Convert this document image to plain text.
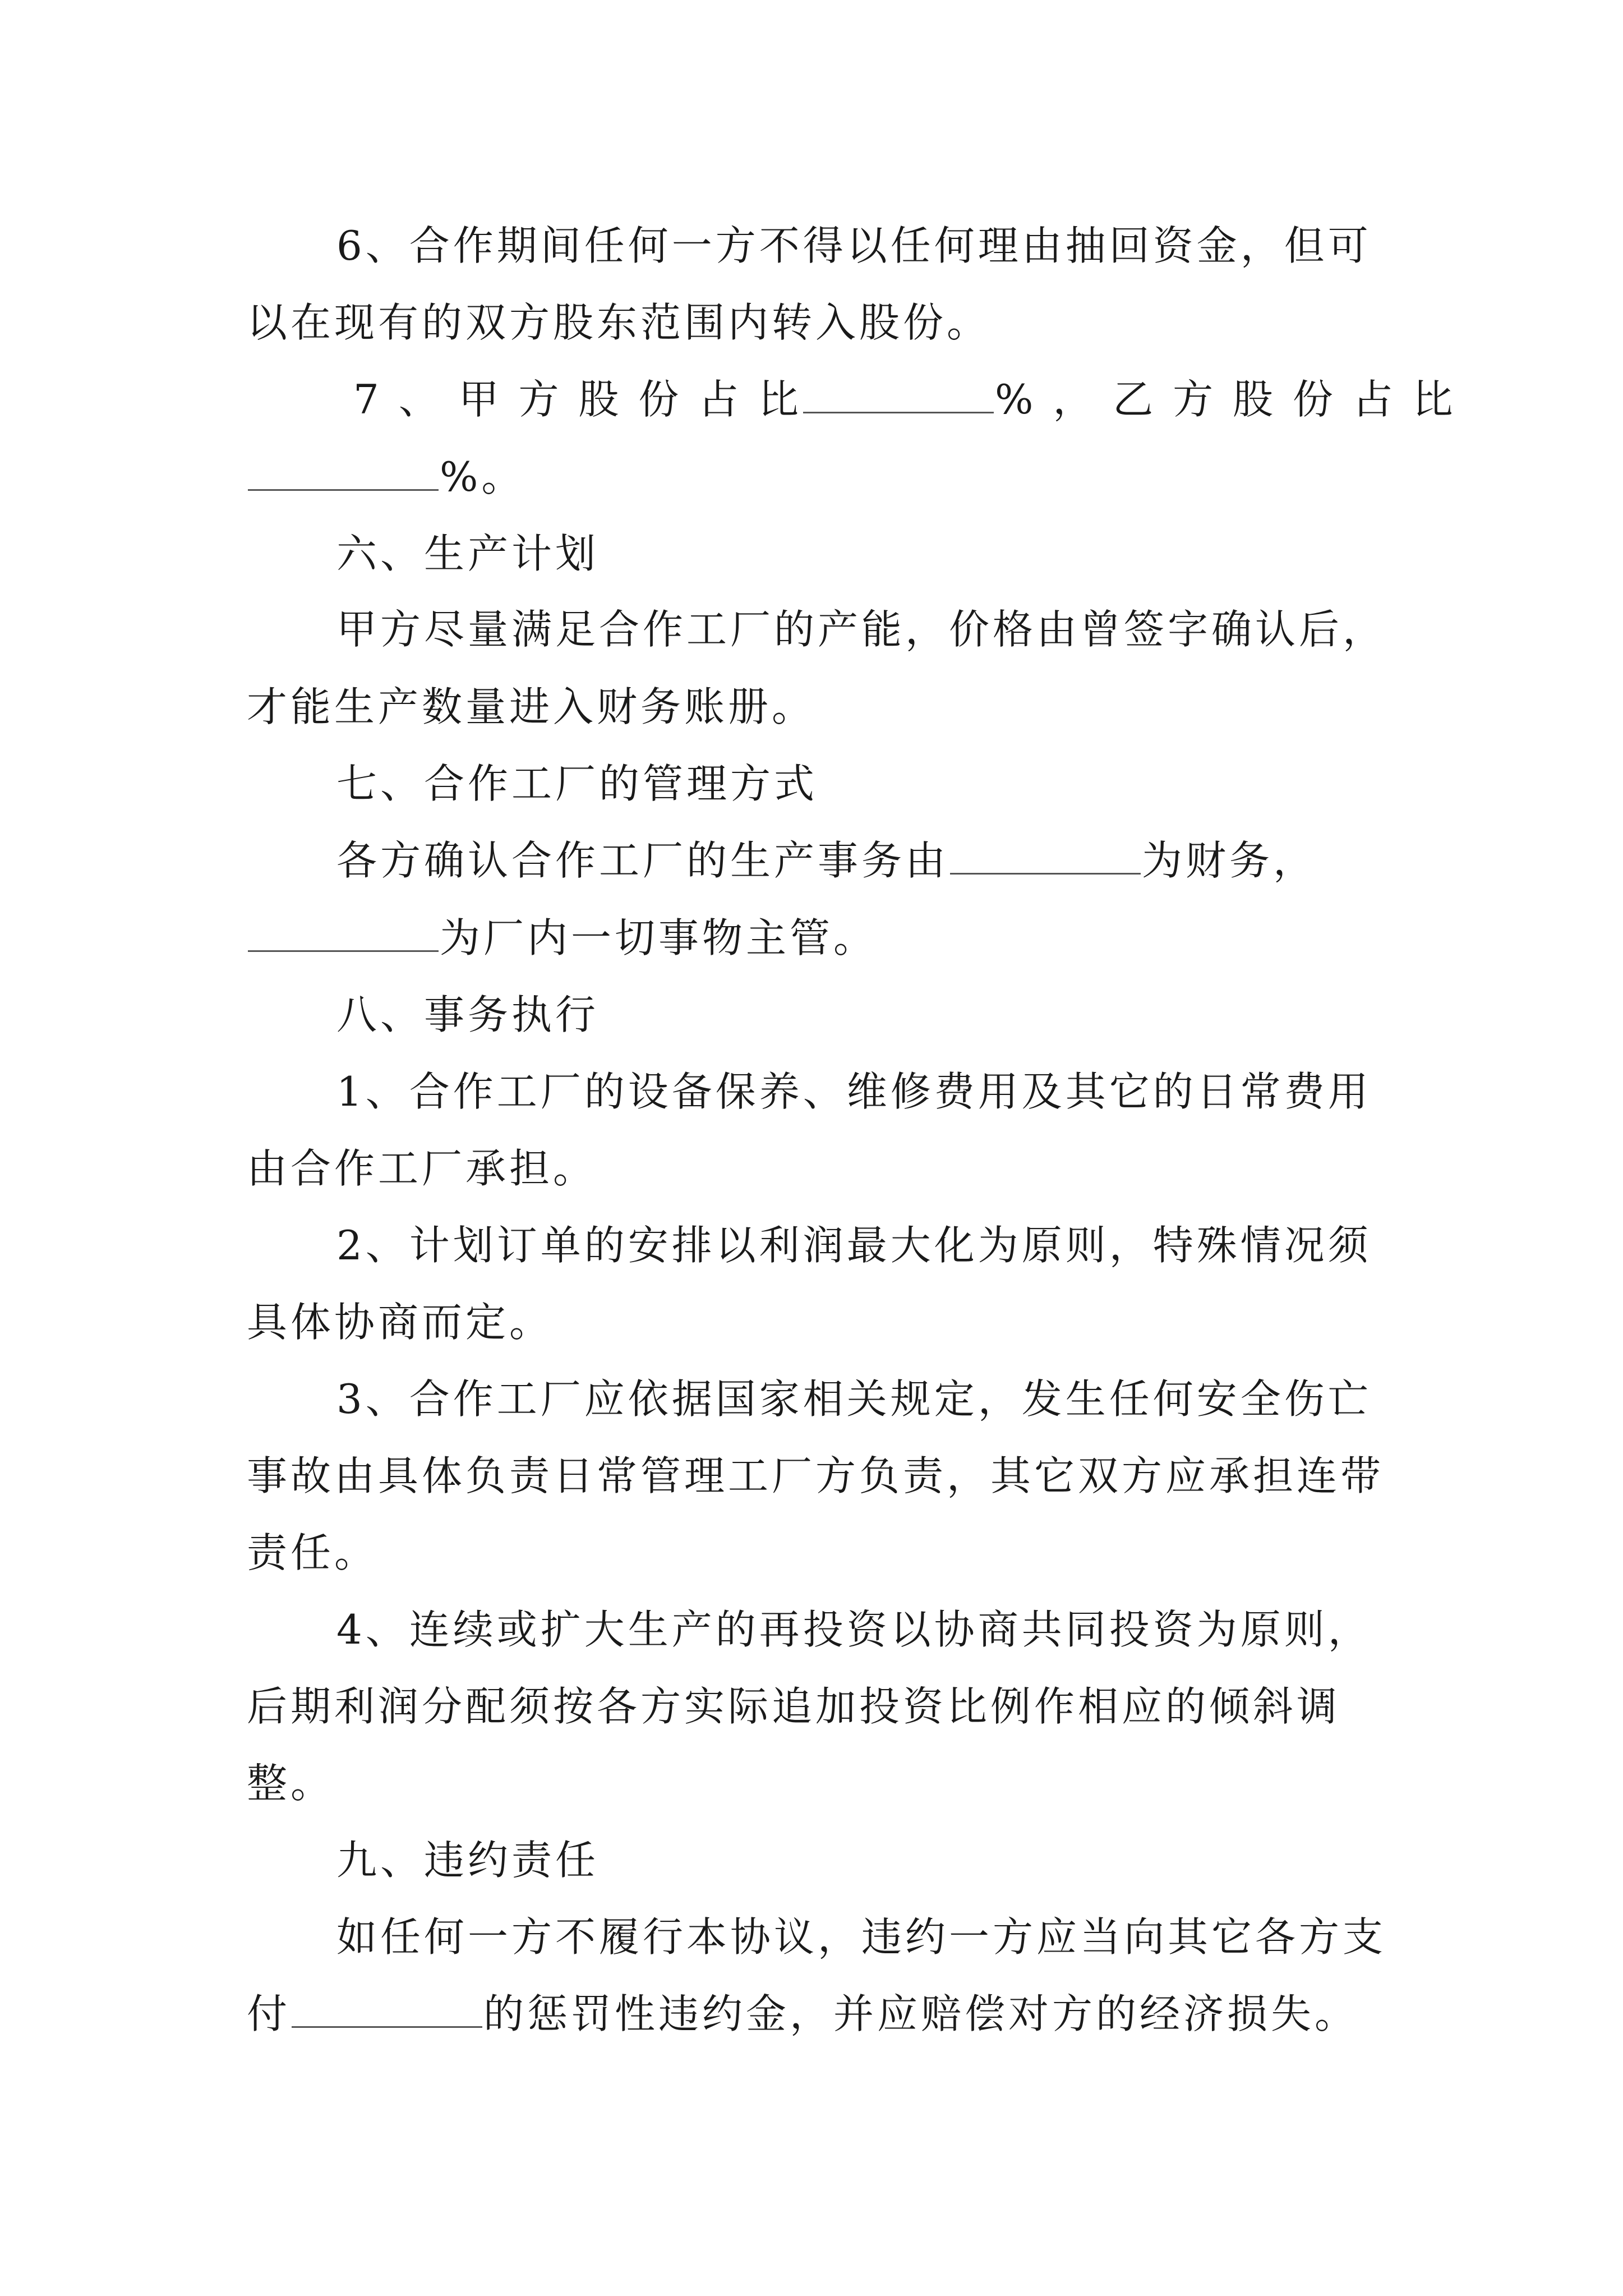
6、合作期间任何一方不得以任何理由抽回资金，但可
以在现有的双方股东范围内转入股份。
7 、 甲 方 股 份 占 比	% ， 乙 方 股 份 占 比
%。
六、生产计划
甲方尽量满足合作工厂的产能，价格由曾签字确认后，
才能生产数量进入财务账册。
七、合作工厂的管理方式
各方确认合作工厂的生产事务由	为财务，
为厂内一切事物主管。
八、事务执行
1、合作工厂的设备保养、维修费用及其它的日常费用
由合作工厂承担。
2、计划订单的安排以利润最大化为原则，特殊情况须
具体协商而定。
3、合作工厂应依据国家相关规定，发生任何安全伤亡
事故由具体负责日常管理工厂方负责，其它双方应承担连带
责任。
4、连续或扩大生产的再投资以协商共同投资为原则，
后期利润分配须按各方实际追加投资比例作相应的倾斜调
整。
九、违约责任
如任何一方不履行本协议，违约一方应当向其它各方支
付	的惩罚性违约金，并应赔偿对方的经济损失。
